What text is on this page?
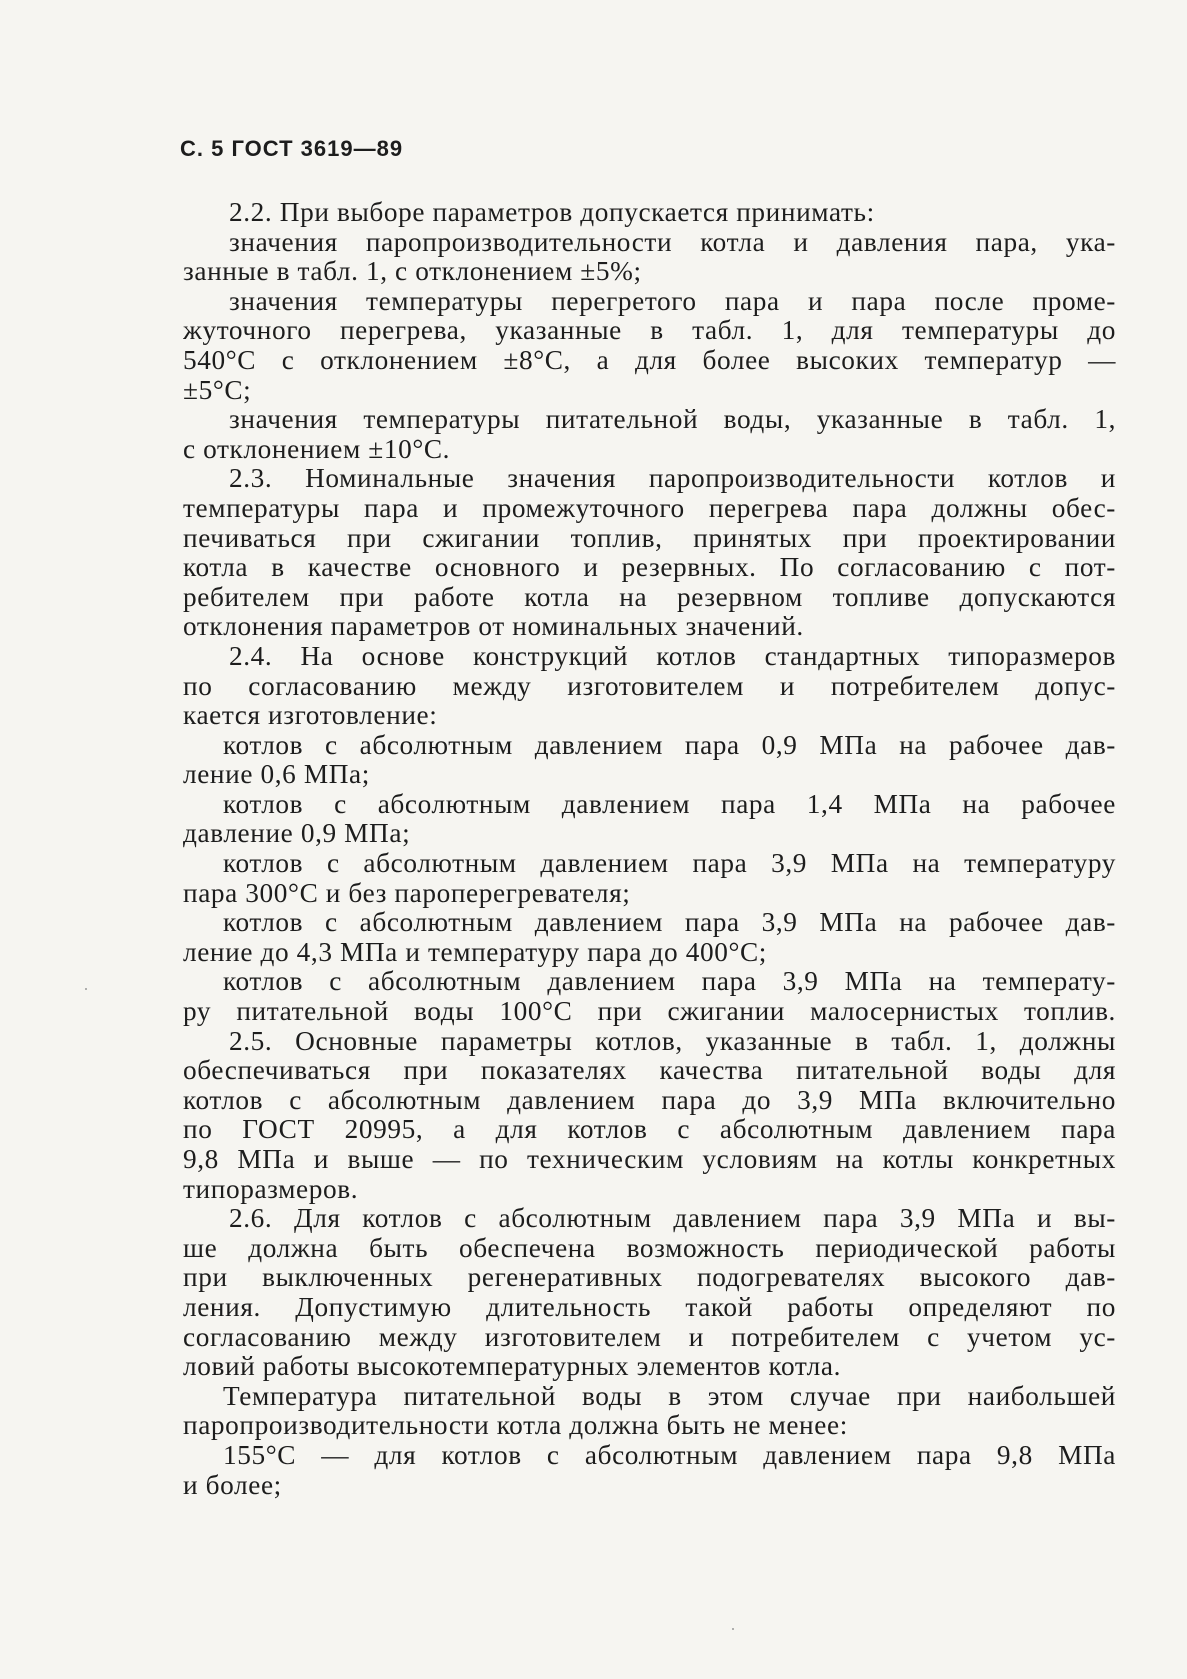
С. 5 ГОСТ 3619—89
2.2. При выборе параметров допускается принимать:
значения паропроизводительности котла и давления пара, ука-
занные в табл. 1, с отклонением ±5%;
значения температуры перегретого пара и пара после проме-
жуточного перегрева, указанные в табл. 1, для температуры до
540°С с отклонением ±8°С, а для более высоких температур —
±5°С;
значения температуры питательной воды, указанные в табл. 1,
с отклонением ±10°С.
2.3. Номинальные значения паропроизводительности котлов и
температуры пара и промежуточного перегрева пара должны обес-
печиваться при сжигании топлив, принятых при проектировании
котла в качестве основного и резервных. По согласованию с пот-
ребителем при работе котла на резервном топливе допускаются
отклонения параметров от номинальных значений.
2.4. На основе конструкций котлов стандартных типоразмеров
по согласованию между изготовителем и потребителем допус-
кается изготовление:
котлов с абсолютным давлением пара 0,9 МПа на рабочее дав-
ление 0,6 МПа;
котлов с абсолютным давлением пара 1,4 МПа на рабочее
давление 0,9 МПа;
котлов с абсолютным давлением пара 3,9 МПа на температуру
пара 300°С и без пароперегревателя;
котлов с абсолютным давлением пара 3,9 МПа на рабочее дав-
ление до 4,3 МПа и температуру пара до 400°С;
котлов с абсолютным давлением пара 3,9 МПа на температу-
ру питательной воды 100°С при сжигании малосернистых топлив.
2.5. Основные параметры котлов, указанные в табл. 1, должны
обеспечиваться при показателях качества питательной воды для
котлов с абсолютным давлением пара до 3,9 МПа включительно
по ГОСТ 20995, а для котлов с абсолютным давлением пара
9,8 МПа и выше — по техническим условиям на котлы конкретных
типоразмеров.
2.6. Для котлов с абсолютным давлением пара 3,9 МПа и вы-
ше должна быть обеспечена возможность периодической работы
при выключенных регенеративных подогревателях высокого дав-
ления. Допустимую длительность такой работы определяют по
согласованию между изготовителем и потребителем с учетом ус-
ловий работы высокотемпературных элементов котла.
Температура питательной воды в этом случае при наибольшей
паропроизводительности котла должна быть не менее:
155°С — для котлов с абсолютным давлением пара 9,8 МПа
и более;
